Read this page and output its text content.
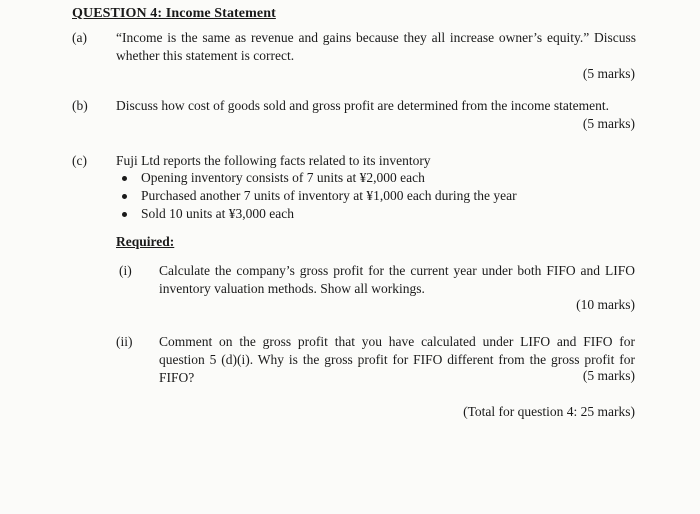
QUESTION 4: Income Statement
(a) “Income is the same as revenue and gains because they all increase owner’s equity.” Discuss whether this statement is correct.
(5 marks)
(b) Discuss how cost of goods sold and gross profit are determined from the income statement.
(5 marks)
(c) Fuji Ltd reports the following facts related to its inventory
Opening inventory consists of 7 units at ¥2,000 each
Purchased another 7 units of inventory at ¥1,000 each during the year
Sold 10 units at ¥3,000 each
Required:
(i) Calculate the company’s gross profit for the current year under both FIFO and LIFO inventory valuation methods. Show all workings.
(10 marks)
(ii) Comment on the gross profit that you have calculated under LIFO and FIFO for question 5 (d)(i). Why is the gross profit for FIFO different from the gross profit for FIFO?	(5 marks)
(Total for question 4: 25 marks)
